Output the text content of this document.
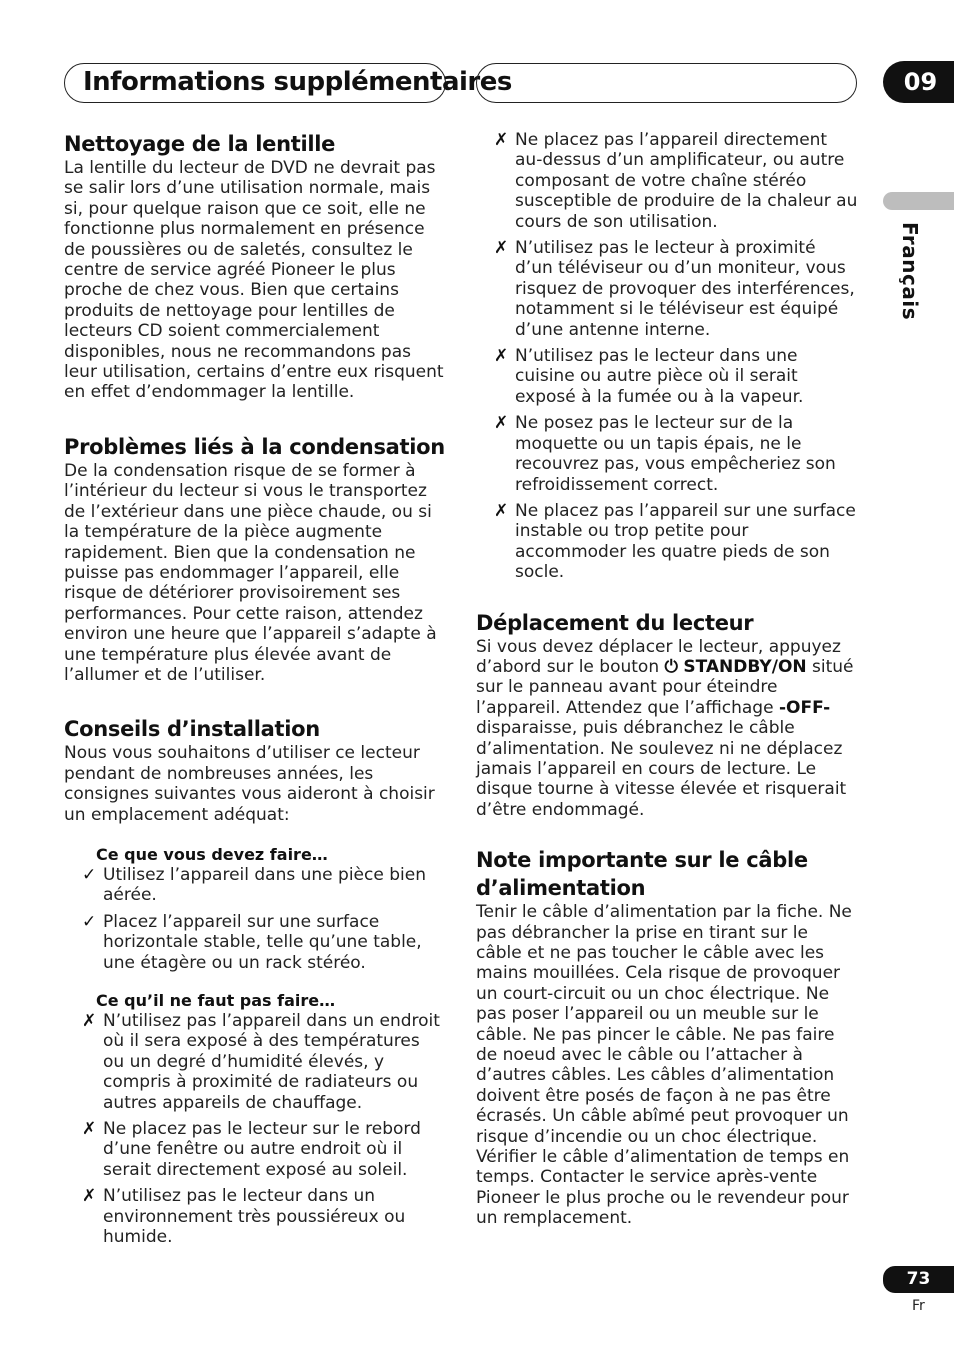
Informations supplémentaires	09
Français
Nettoyage de la lentille

La lentille du lecteur de DVD ne devrait pas se salir lors d’une utilisation normale, mais si, pour quelque raison que ce soit, elle ne fonctionne plus normalement en présence de poussières ou de saletés, consultez le centre de service agréé Pioneer le plus proche de chez vous. Bien que certains produits de nettoyage pour lentilles de lecteurs CD soient commercialement disponibles, nous ne recommandons pas leur utilisation, certains d’entre eux risquent en effet d’endommager la lentille.

Problèmes liés à la condensation

De la condensation risque de se former à l’intérieur du lecteur si vous le transportez de l’extérieur dans une pièce chaude, ou si la température de la pièce augmente rapidement. Bien que la condensation ne puisse pas endommager l’appareil, elle risque de détériorer provisoirement ses performances. Pour cette raison, attendez environ une heure que l’appareil s’adapte à une température plus élevée avant de l’allumer et de l’utiliser.

Conseils d’installation

Nous vous souhaitons d’utiliser ce lecteur pendant de nombreuses années, les consignes suivantes vous aideront à choisir un emplacement adéquat:

Ce que vous devez faire…
✓ Utilisez l’appareil dans une pièce bien aérée.
✓ Placez l’appareil sur une surface horizontale stable, telle qu’une table, une étagère ou un rack stéréo.
Ce qu’il ne faut pas faire…
✗ N’utilisez pas l’appareil dans un endroit où il sera exposé à des températures ou un degré d’humidité élevés, y compris à proximité de radiateurs ou autres appareils de chauffage.
✗ Ne placez pas le lecteur sur le rebord d’une fenêtre ou autre endroit où il serait directement exposé au soleil.
✗ N’utilisez pas le lecteur dans un environnement très poussiéreux ou humide.
✗ Ne placez pas l’appareil directement au-dessus d’un amplificateur, ou autre composant de votre chaîne stéréo susceptible de produire de la chaleur au cours de son utilisation.
✗ N’utilisez pas le lecteur à proximité d’un téléviseur ou d’un moniteur, vous risquez de provoquer des interférences, notamment si le téléviseur est équipé d’une antenne interne.
✗ N’utilisez pas le lecteur dans une cuisine ou autre pièce où il serait exposé à la fumée ou à la vapeur.
✗ Ne posez pas le lecteur sur de la moquette ou un tapis épais, ne le recouvrez pas, vous empêcheriez son refroidissement correct.
✗ Ne placez pas l’appareil sur une surface instable ou trop petite pour accommoder les quatre pieds de son socle.
Déplacement du lecteur

Si vous devez déplacer le lecteur, appuyez d’abord sur le bouton ⏻ STANDBY/ON situé sur le panneau avant pour éteindre l’appareil. Attendez que l’affichage -OFF- disparaisse, puis débranchez le câble d’alimentation. Ne soulevez ni ne déplacez jamais l’appareil en cours de lecture. Le disque tourne à vitesse élevée et risquerait d’être endommagé.

Note importante sur le câble d’alimentation

Tenir le câble d’alimentation par la fiche. Ne pas débrancher la prise en tirant sur le câble et ne pas toucher le câble avec les mains mouillées. Cela risque de provoquer un court-circuit ou un choc électrique. Ne pas poser l’appareil ou un meuble sur le câble. Ne pas pincer le câble. Ne pas faire de noeud avec le câble ou l’attacher à d’autres câbles. Les câbles d’alimentation doivent être posés de façon à ne pas être écrasés. Un câble abîmé peut provoquer un risque d’incendie ou un choc électrique. Vérifier le câble d’alimentation de temps en temps. Contacter le service après-vente Pioneer le plus proche ou le revendeur pour un remplacement.

73
Fr
